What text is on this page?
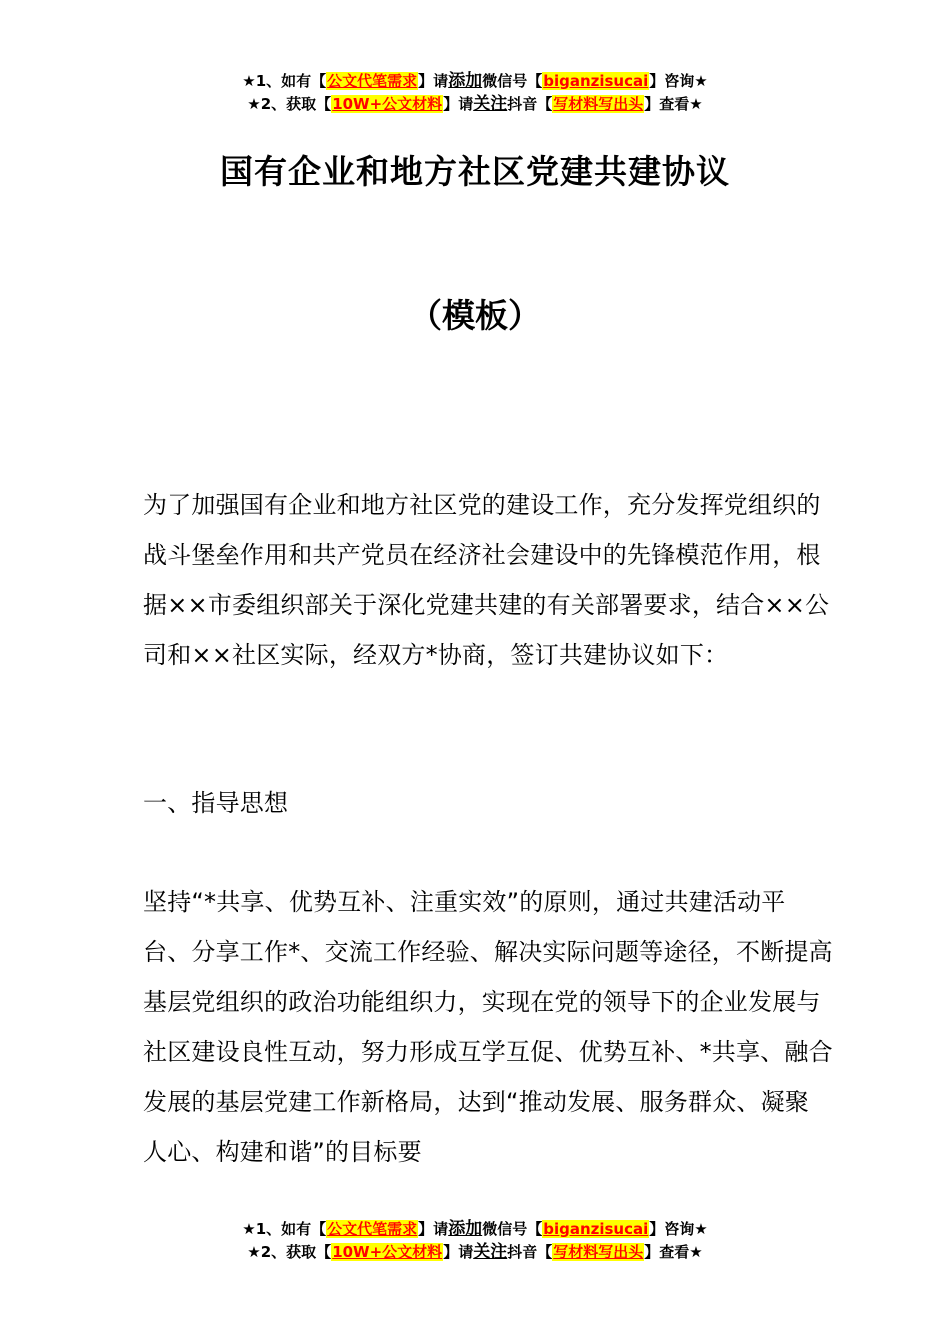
★1、如有【公文代笔需求】请添加微信号【biganzisucai】咨询★
★2、获取【10W+公文材料】请关注抖音【写材料写出头】查看★
国有企业和地方社区党建共建协议
（模板）

为了加强国有企业和地方社区党的建设工作，充分发挥党组织的战斗堡垒作用和共产党员在经济社会建设中的先锋模范作用，根据××市委组织部关于深化党建共建的有关部署要求，结合××公司和××社区实际，经双方*协商，签订共建协议如下：

一、指导思想

坚持“*共享、优势互补、注重实效”的原则，通过共建活动平台、分享工作*、交流工作经验、解决实际问题等途径，不断提高基层党组织的政治功能组织力，实现在党的领导下的企业发展与社区建设良性互动，努力形成互学互促、优势互补、*共享、融合发展的基层党建工作新格局，达到“推动发展、服务群众、凝聚人心、构建和谐”的目标要

★1、如有【公文代笔需求】请添加微信号【biganzisucai】咨询★
★2、获取【10W+公文材料】请关注抖音【写材料写出头】查看★
